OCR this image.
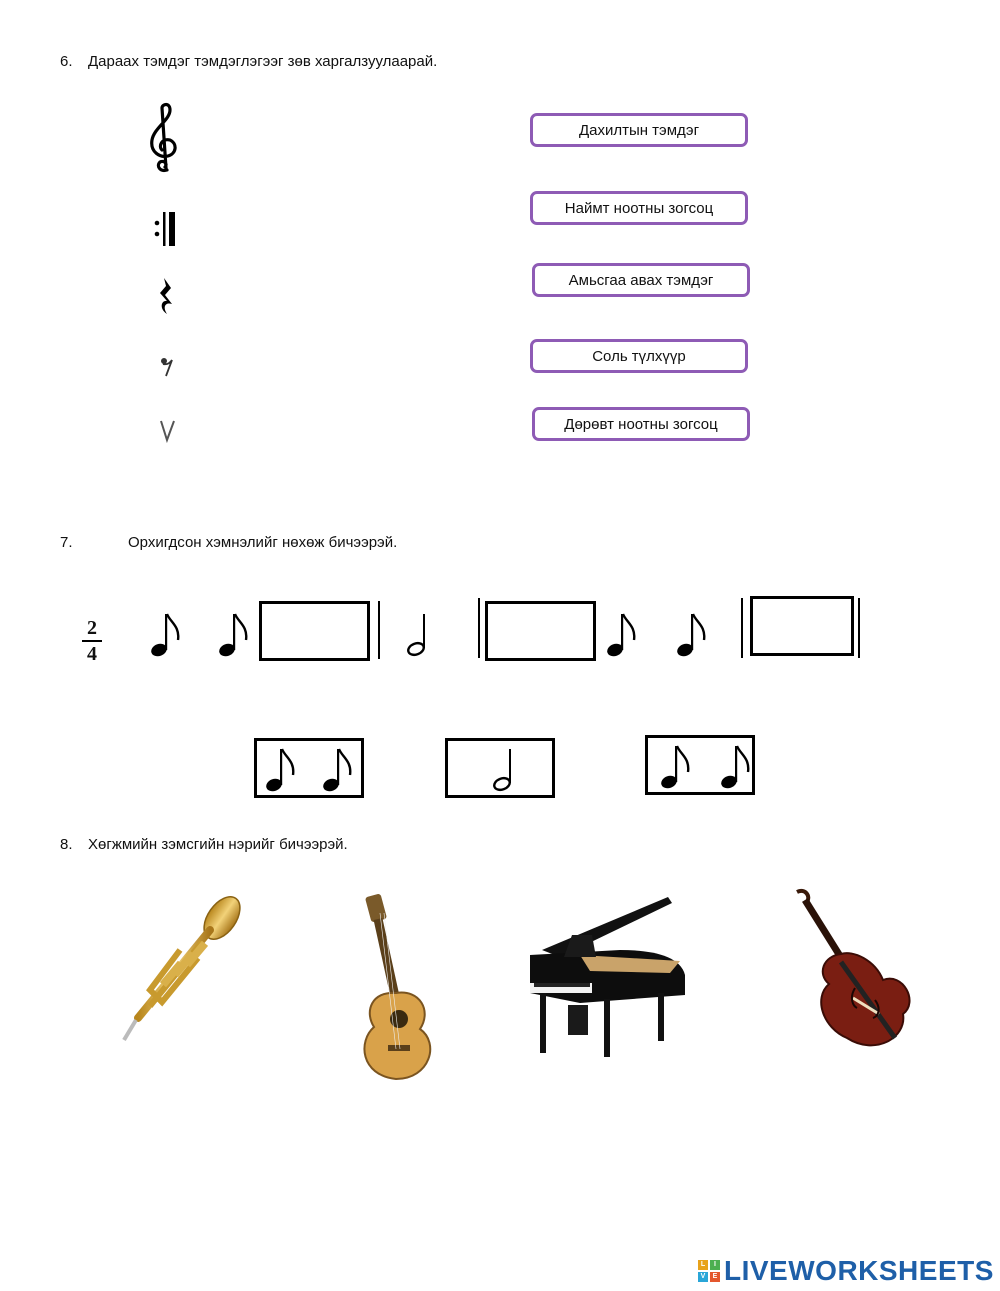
6. Дараах тэмдэг тэмдэглэгээг зөв харгалзуулаарай.
Дахилтын тэмдэг
Наймт ноотны зогсоц
Амьсгаа авах тэмдэг
Соль түлхүүр
Дөрөвт ноотны зогсоц
7.	Орхигдсон хэмнэлийг нөхөж бичээрэй.
2
4
8. Хөгжмийн зэмсгийн нэрийг бичээрэй.
L	I
V	E LIVEWORKSHEETS
